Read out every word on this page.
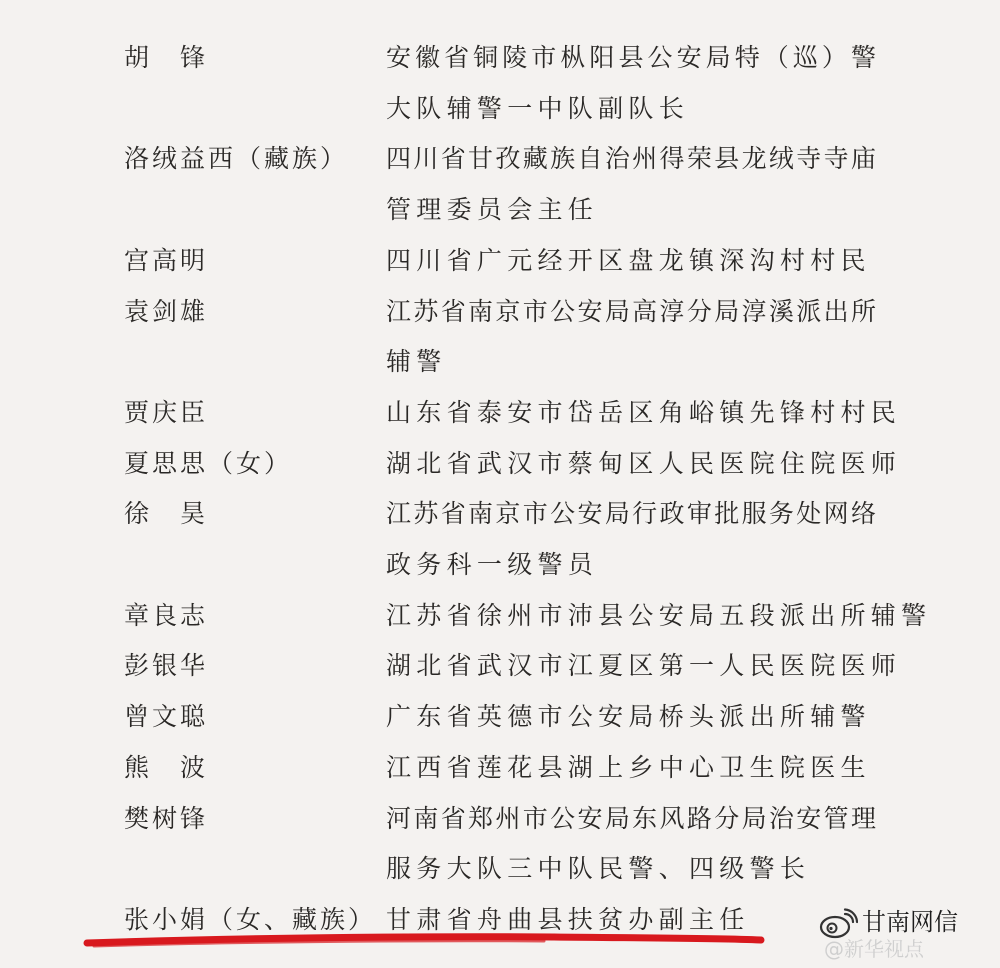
胡　锋	安徽省铜陵市枞阳县公安局特（巡）警
大队辅警一中队副队长
洛绒益西（藏族） 四川省甘孜藏族自治州得荣县龙绒寺寺庙
管理委员会主任
宫高明	四川省广元经开区盘龙镇深沟村村民
袁剑雄	江苏省南京市公安局高淳分局淳溪派出所
辅警
贾庆臣	山东省泰安市岱岳区角峪镇先锋村村民
夏思思（女）	湖北省武汉市蔡甸区人民医院住院医师
徐　昊	江苏省南京市公安局行政审批服务处网络
政务科一级警员
章良志	江苏省徐州市沛县公安局五段派出所辅警
彭银华	湖北省武汉市江夏区第一人民医院医师
曾文聪	广东省英德市公安局桥头派出所辅警
熊　波	江西省莲花县湖上乡中心卫生院医生
樊树锋	河南省郑州市公安局东风路分局治安管理
服务大队三中队民警、四级警长
张小娟（女、藏族） 甘肃省舟曲县扶贫办副主任	甘南网信
@新华视点
